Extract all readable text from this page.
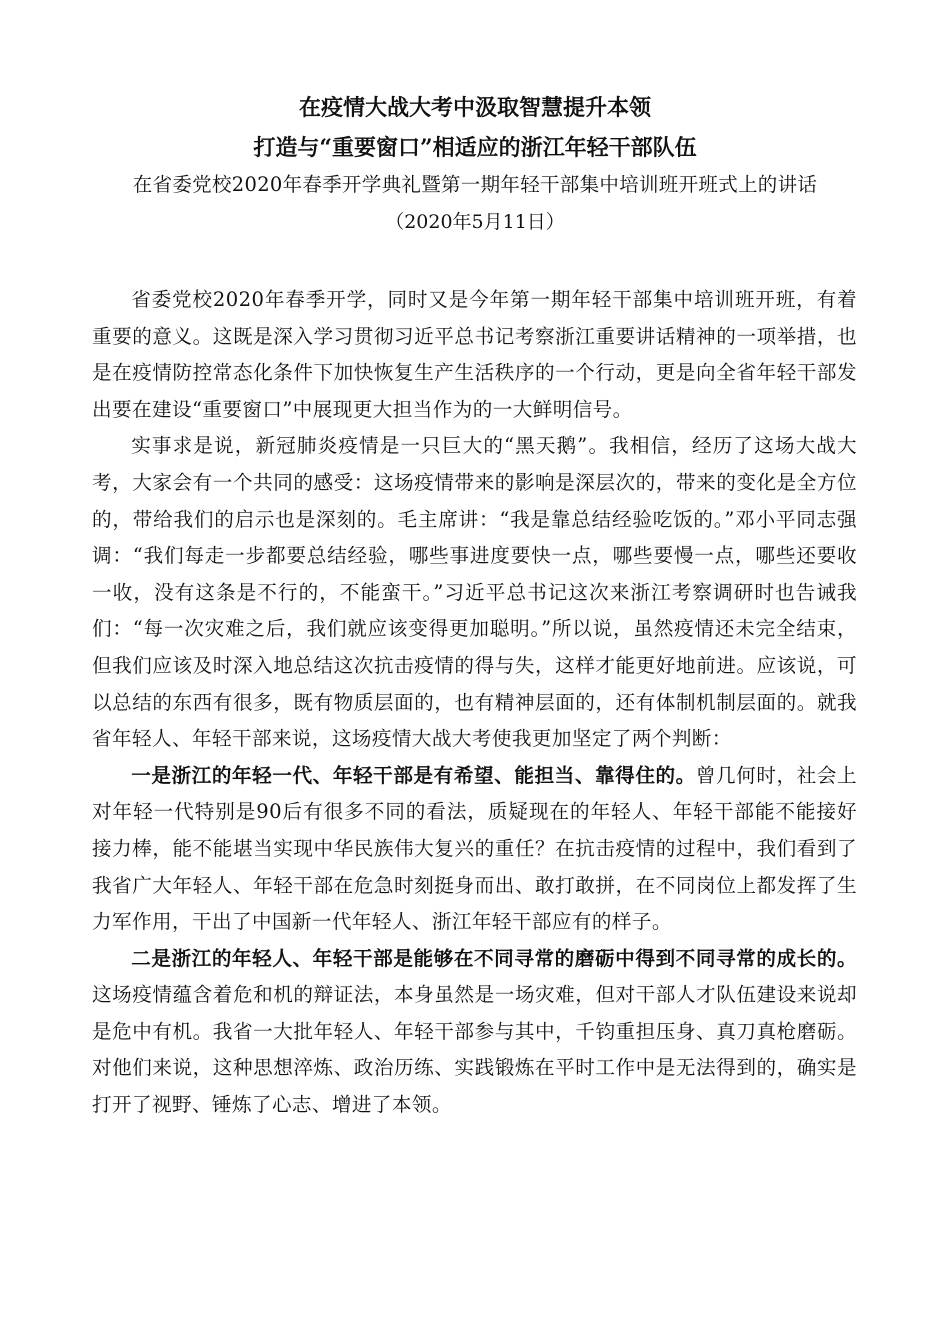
在疫情大战大考中汲取智慧提升本领
打造与“重要窗口”相适应的浙江年轻干部队伍
在省委党校2020年春季开学典礼暨第一期年轻干部集中培训班开班式上的讲话
（2020年5月11日）

省委党校2020年春季开学，同时又是今年第一期年轻干部集中培训班开班，有着重要的意义。这既是深入学习贯彻习近平总书记考察浙江重要讲话精神的一项举措，也是在疫情防控常态化条件下加快恢复生产生活秩序的一个行动，更是向全省年轻干部发出要在建设“重要窗口”中展现更大担当作为的一大鲜明信号。

实事求是说，新冠肺炎疫情是一只巨大的“黑天鹅”。我相信，经历了这场大战大考，大家会有一个共同的感受：这场疫情带来的影响是深层次的，带来的变化是全方位的，带给我们的启示也是深刻的。毛主席讲：“我是靠总结经验吃饭的。”邓小平同志强调：“我们每走一步都要总结经验，哪些事进度要快一点，哪些要慢一点，哪些还要收一收，没有这条是不行的，不能蛮干。”习近平总书记这次来浙江考察调研时也告诫我们：“每一次灾难之后，我们就应该变得更加聪明。”所以说，虽然疫情还未完全结束，但我们应该及时深入地总结这次抗击疫情的得与失，这样才能更好地前进。应该说，可以总结的东西有很多，既有物质层面的，也有精神层面的，还有体制机制层面的。就我省年轻人、年轻干部来说，这场疫情大战大考使我更加坚定了两个判断：

一是浙江的年轻一代、年轻干部是有希望、能担当、靠得住的。曾几何时，社会上对年轻一代特别是90后有很多不同的看法，质疑现在的年轻人、年轻干部能不能接好接力棒，能不能堪当实现中华民族伟大复兴的重任？在抗击疫情的过程中，我们看到了我省广大年轻人、年轻干部在危急时刻挺身而出、敢打敢拼，在不同岗位上都发挥了生力军作用，干出了中国新一代年轻人、浙江年轻干部应有的样子。

二是浙江的年轻人、年轻干部是能够在不同寻常的磨砺中得到不同寻常的成长的。这场疫情蕴含着危和机的辩证法，本身虽然是一场灾难，但对干部人才队伍建设来说却是危中有机。我省一大批年轻人、年轻干部参与其中，千钧重担压身、真刀真枪磨砺。对他们来说，这种思想淬炼、政治历练、实践锻炼在平时工作中是无法得到的，确实是打开了视野、锤炼了心志、增进了本领。
